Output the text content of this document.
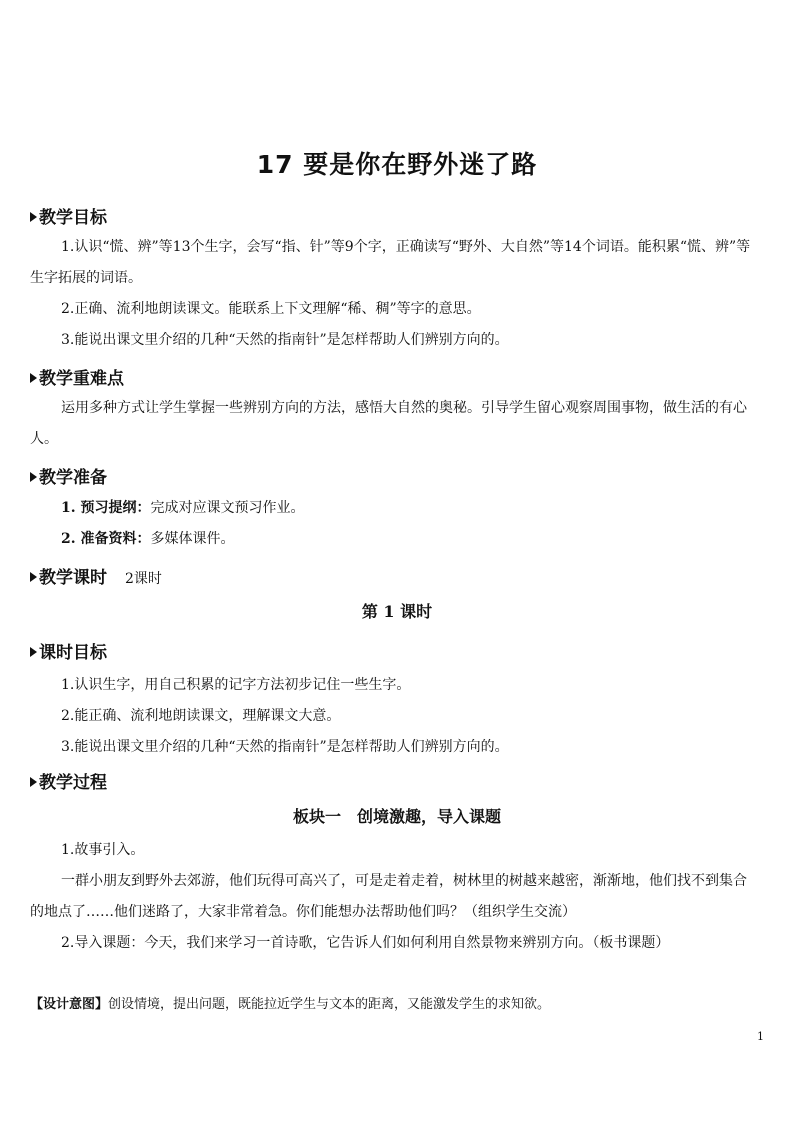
17 要是你在野外迷了路
教学目标
1.认识“慌、辨”等13个生字，会写“指、针”等9个字，正确读写“野外、大自然”等14个词语。能积累“慌、辨”等生字拓展的词语。
2.正确、流利地朗读课文。能联系上下文理解“稀、稠”等字的意思。
3.能说出课文里介绍的几种“天然的指南针”是怎样帮助人们辨别方向的。
教学重难点
运用多种方式让学生掌握一些辨别方向的方法，感悟大自然的奥秘。引导学生留心观察周围事物，做生活的有心人。
教学准备
1. 预习提纲：完成对应课文预习作业。
2. 准备资料：多媒体课件。
教学课时 2课时
第 1 课时
课时目标
1.认识生字，用自己积累的记字方法初步记住一些生字。
2.能正确、流利地朗读课文，理解课文大意。
3.能说出课文里介绍的几种“天然的指南针”是怎样帮助人们辨别方向的。
教学过程
板块一　创境激趣，导入课题
1.故事引入。
一群小朋友到野外去郊游，他们玩得可高兴了，可是走着走着，树林里的树越来越密，渐渐地，他们找不到集合的地点了……他们迷路了，大家非常着急。你们能想办法帮助他们吗？（组织学生交流）
2.导入课题：今天，我们来学习一首诗歌，它告诉人们如何利用自然景物来辨别方向。（板书课题）
【设计意图】创设情境，提出问题，既能拉近学生与文本的距离，又能激发学生的求知欲。
1
